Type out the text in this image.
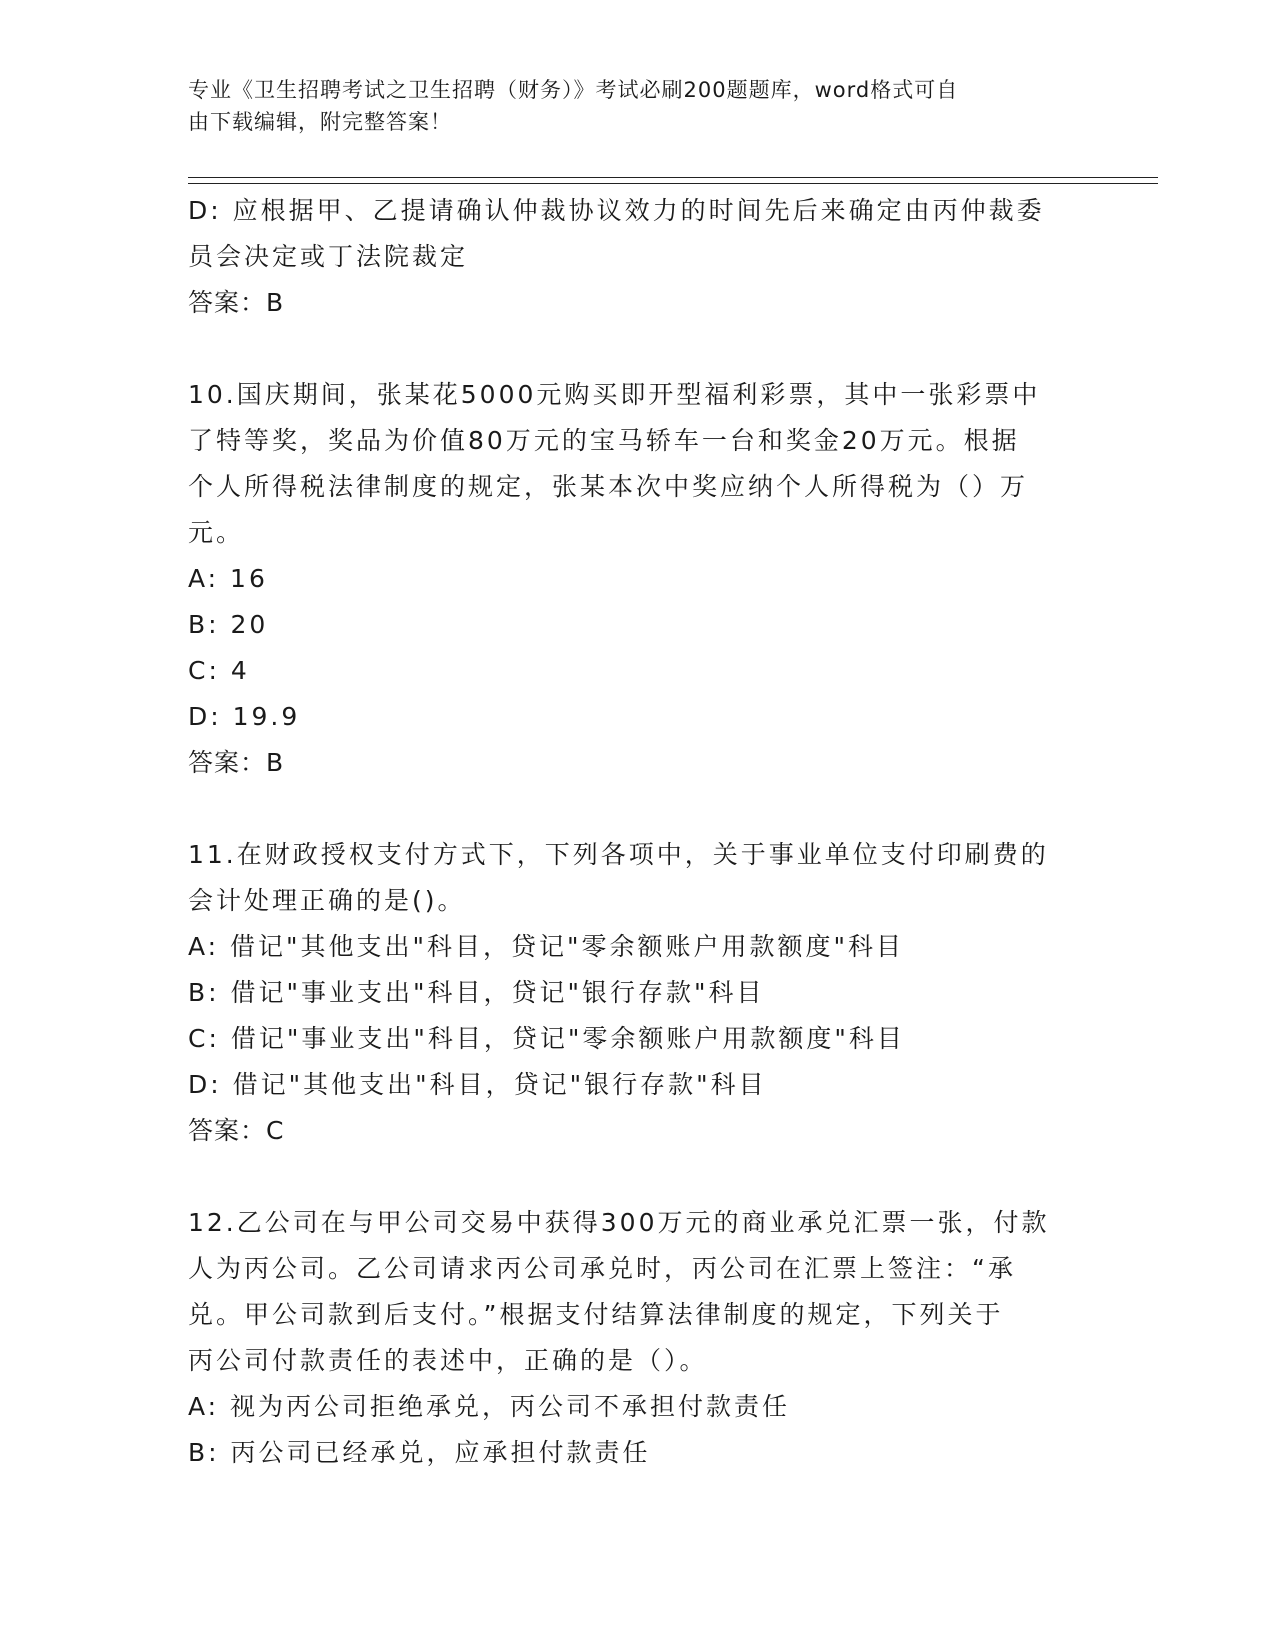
专业《卫生招聘考试之卫生招聘（财务）》考试必刷200题题库，word格式可自
由下载编辑，附完整答案！
D: 应根据甲、乙提请确认仲裁协议效力的时间先后来确定由丙仲裁委
员会决定或丁法院裁定
答案：B
10.国庆期间，张某花5000元购买即开型福利彩票，其中一张彩票中
了特等奖，奖品为价值80万元的宝马轿车一台和奖金20万元。根据
个人所得税法律制度的规定，张某本次中奖应纳个人所得税为（）万
元。
A: 16
B: 20
C: 4
D: 19.9
答案：B
11.在财政授权支付方式下，下列各项中，关于事业单位支付印刷费的
会计处理正确的是()。
A: 借记"其他支出"科目，贷记"零余额账户用款额度"科目
B: 借记"事业支出"科目，贷记"银行存款"科目
C: 借记"事业支出"科目，贷记"零余额账户用款额度"科目
D: 借记"其他支出"科目，贷记"银行存款"科目
答案：C
12.乙公司在与甲公司交易中获得300万元的商业承兑汇票一张，付款
人为丙公司。乙公司请求丙公司承兑时，丙公司在汇票上签注：“承
兑。甲公司款到后支付。”根据支付结算法律制度的规定，下列关于
丙公司付款责任的表述中，正确的是（）。
A: 视为丙公司拒绝承兑，丙公司不承担付款责任
B: 丙公司已经承兑，应承担付款责任
